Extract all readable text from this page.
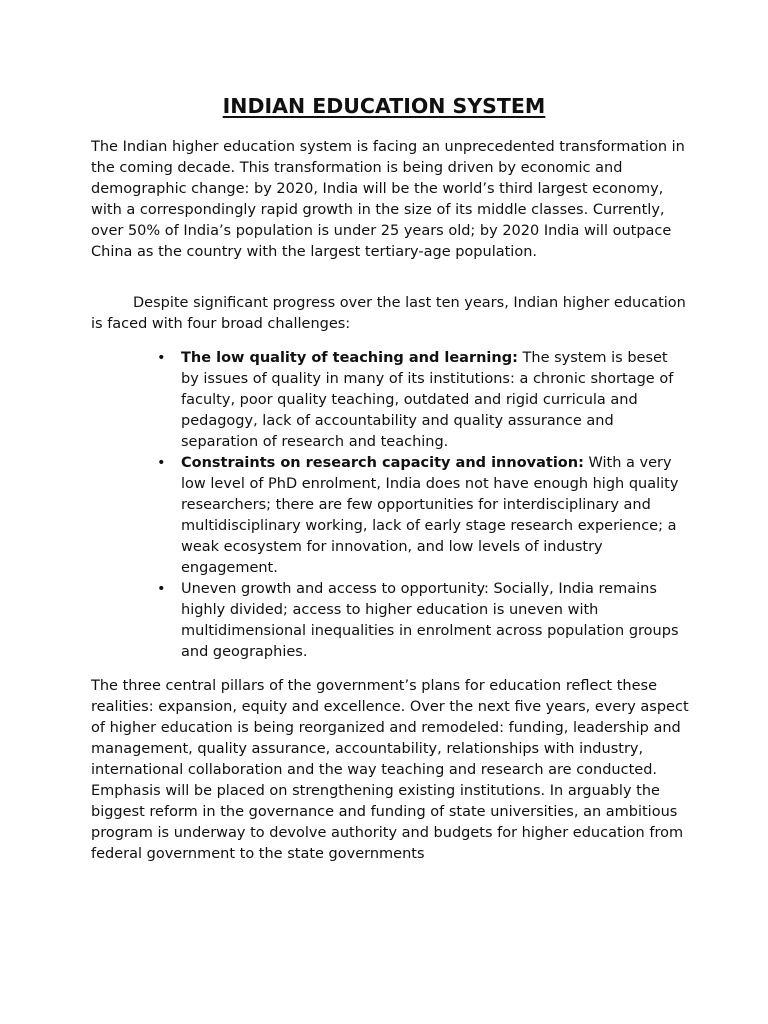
INDIAN EDUCATION SYSTEM

The Indian higher education system is facing an unprecedented transformation in the coming decade. This transformation is being driven by economic and demographic change: by 2020, India will be the world’s third largest economy, with a correspondingly rapid growth in the size of its middle classes. Currently, over 50% of India’s population is under 25 years old; by 2020 India will outpace China as the country with the largest tertiary-age population.

Despite significant progress over the last ten years, Indian higher education is faced with four broad challenges:

• The low quality of teaching and learning: The system is beset by issues of quality in many of its institutions: a chronic shortage of faculty, poor quality teaching, outdated and rigid curricula and pedagogy, lack of accountability and quality assurance and separation of research and teaching.
• Constraints on research capacity and innovation: With a very low level of PhD enrolment, India does not have enough high quality researchers; there are few opportunities for interdisciplinary and multidisciplinary working, lack of early stage research experience; a weak ecosystem for innovation, and low levels of industry engagement.
• Uneven growth and access to opportunity: Socially, India remains highly divided; access to higher education is uneven with multidimensional inequalities in enrolment across population groups and geographies.

The three central pillars of the government’s plans for education reflect these realities: expansion, equity and excellence. Over the next five years, every aspect of higher education is being reorganized and remodeled: funding, leadership and management, quality assurance, accountability, relationships with industry, international collaboration and the way teaching and research are conducted. Emphasis will be placed on strengthening existing institutions. In arguably the biggest reform in the governance and funding of state universities, an ambitious program is underway to devolve authority and budgets for higher education from federal government to the state governments
